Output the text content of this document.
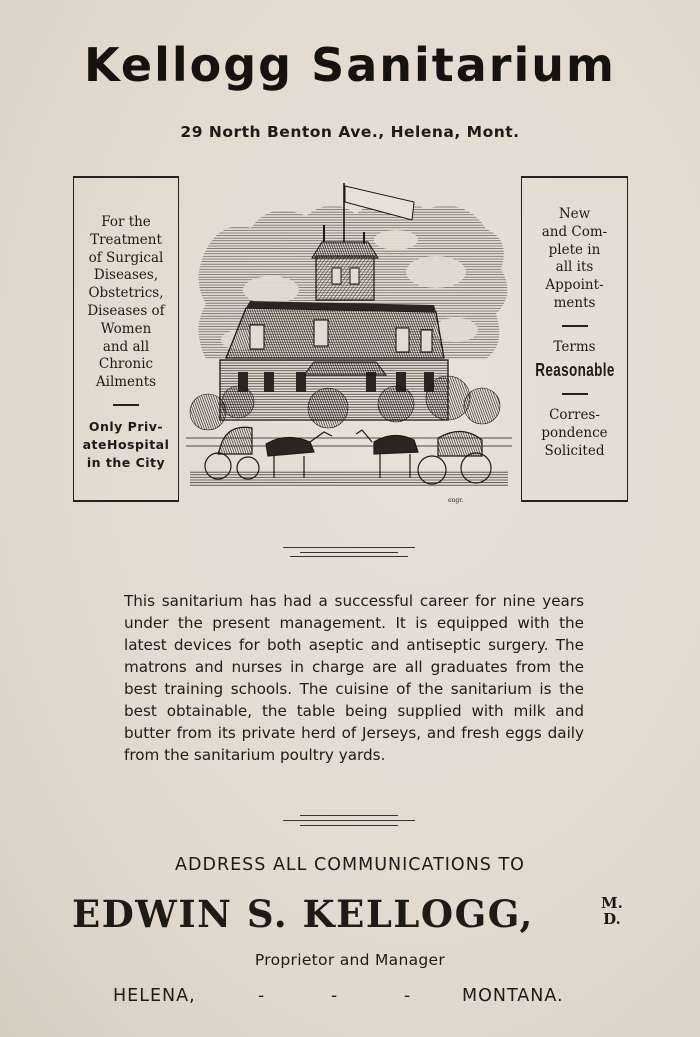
Kellogg Sanitarium
29 North Benton Ave., Helena, Mont.
For the
Treatment
of Surgical
Diseases,
Obstetrics,
Diseases of
Women
and all
Chronic
Ailments
Only Priv-
ateHospital
in the City
New
and Com-
plete in
all its
Appoint-
ments
Terms
Reasonable
Corres-
pondence
Solicited
engr.
This sanitarium has had a successful career for nine years under the present management. It is equipped with the latest devices for both aseptic and antiseptic surgery. The matrons and nurses in charge are all graduates from the best training schools. The cuisine of the sanitarium is the best obtainable, the table being supplied with milk and butter from its private herd of Jerseys, and fresh eggs daily from the sanitarium poultry yards.
ADDRESS ALL COMMUNICATIONS TO
EDWIN S. KELLOGG,	M.
D.
Proprietor and Manager
HELENA,	-	-	-	MONTANA.
